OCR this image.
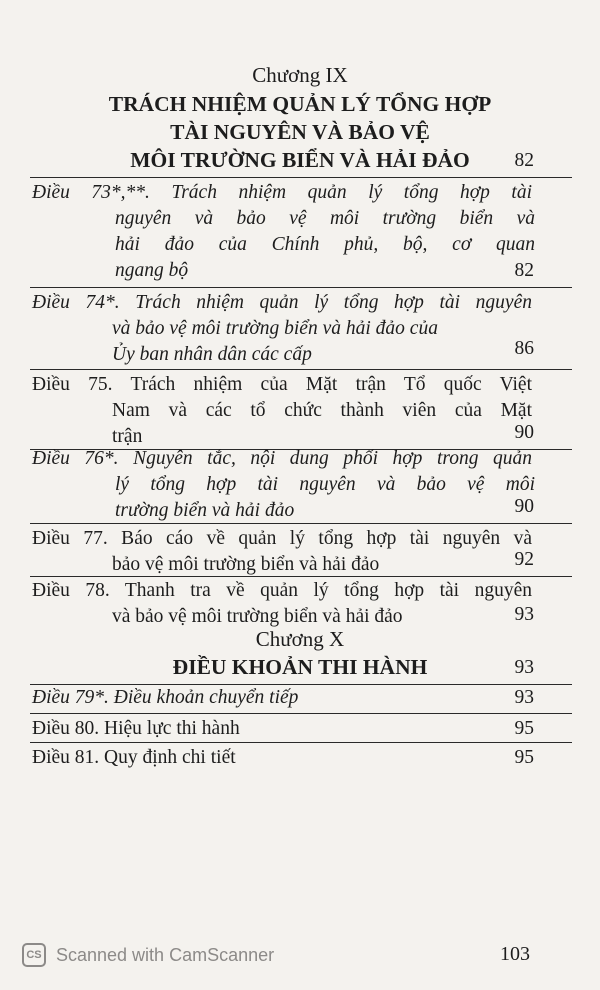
Chương IX
TRÁCH NHIỆM QUẢN LÝ TỔNG HỢP
TÀI NGUYÊN VÀ BẢO VỆ
MÔI TRƯỜNG BIỂN VÀ HẢI ĐẢO	82
Điều 73*,**. Trách nhiệm quản lý tổng hợp tài
nguyên và bảo vệ môi trường biển và
hải đảo của Chính phủ, bộ, cơ quan
ngang bộ	82
Điều 74*. Trách nhiệm quản lý tổng hợp tài nguyên
và bảo vệ môi trường biển và hải đảo của
Ủy ban nhân dân các cấp	86
Điều 75. Trách nhiệm của Mặt trận Tổ quốc Việt
Nam và các tổ chức thành viên của Mặt
trận	90
Điều 76*. Nguyên tắc, nội dung phối hợp trong quản
lý tổng hợp tài nguyên và bảo vệ môi
trường biển và hải đảo	90
Điều 77. Báo cáo về quản lý tổng hợp tài nguyên và
bảo vệ môi trường biển và hải đảo	92
Điều 78. Thanh tra về quản lý tổng hợp tài nguyên
và bảo vệ môi trường biển và hải đảo	93
Chương X
ĐIỀU KHOẢN THI HÀNH	93
Điều 79*. Điều khoản chuyển tiếp	93
Điều 80. Hiệu lực thi hành	95
Điều 81. Quy định chi tiết	95
CS Scanned with CamScanner	103
